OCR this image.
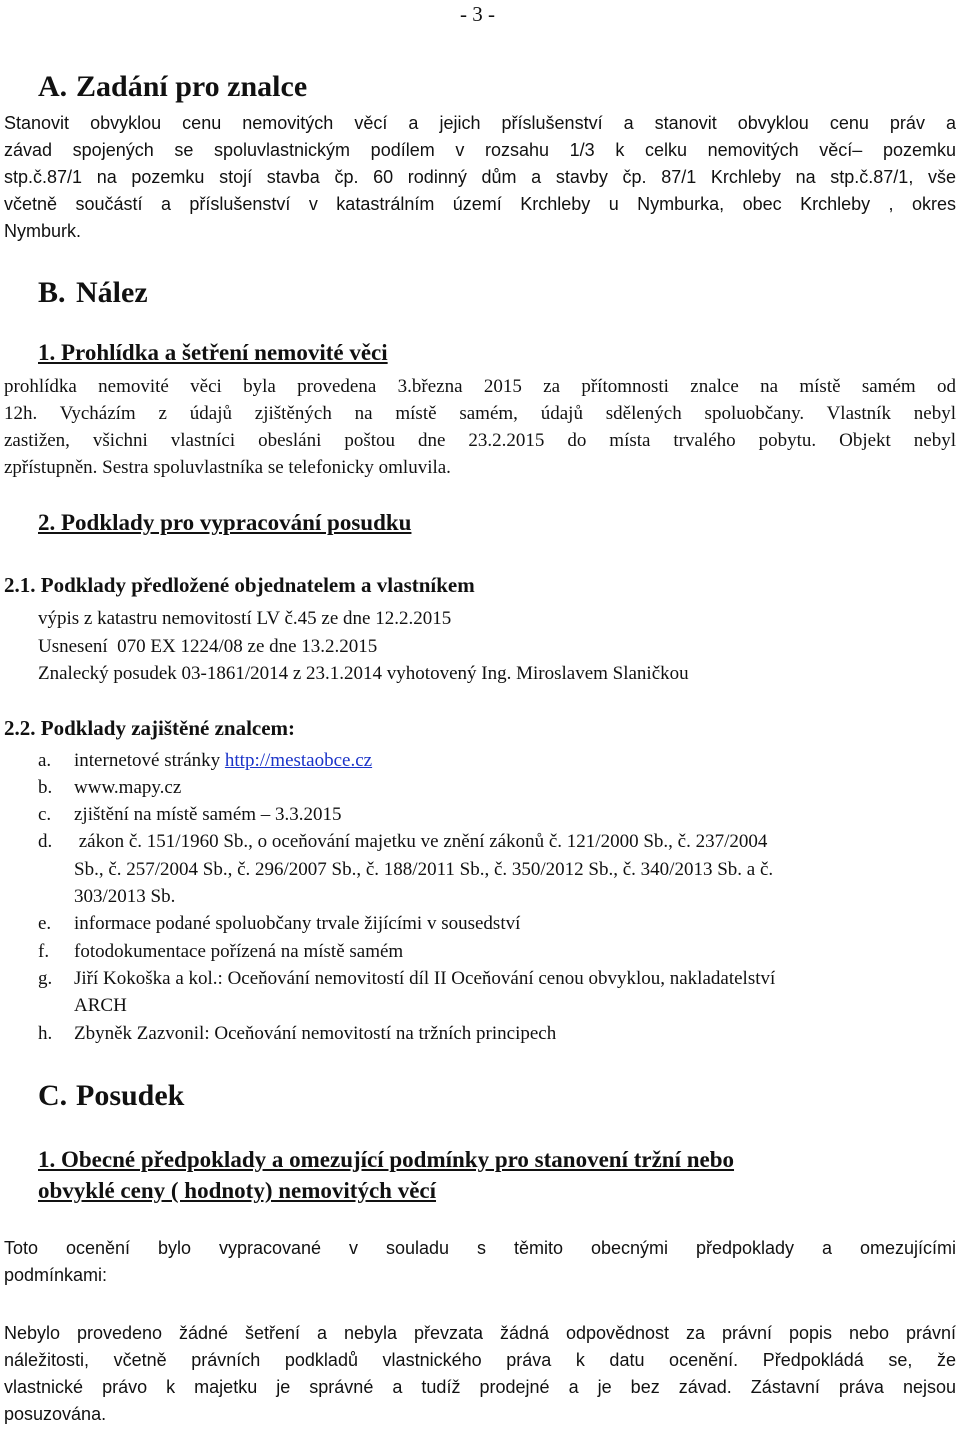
- 3 -
A. Zadání pro znalce
Stanovit obvyklou cenu nemovitých věcí a jejich příslušenství a stanovit obvyklou cenu práv a
závad spojených se spoluvlastnickým podílem v rozsahu 1/3 k celku nemovitých věcí– pozemku
stp.č.87/1 na pozemku stojí stavba čp. 60 rodinný dům a stavby čp. 87/1 Krchleby na stp.č.87/1, vše
včetně součástí a příslušenství v katastrálním území Krchleby u Nymburka, obec Krchleby , okres
Nymburk.
B. Nález
1. Prohlídka a šetření nemovité věci
prohlídka nemovité věci byla provedena 3.března 2015 za přítomnosti znalce na místě samém od
12h. Vycházím z údajů zjištěných na místě samém, údajů sdělených spoluobčany. Vlastník nebyl
zastižen, všichni vlastníci obesláni poštou dne 23.2.2015 do místa trvalého pobytu. Objekt nebyl
zpřístupněn. Sestra spoluvlastníka se telefonicky omluvila.
2. Podklady pro vypracování posudku
2.1. Podklady předložené objednatelem a vlastníkem
výpis z katastru nemovitostí LV č.45 ze dne 12.2.2015
Usnesení  070 EX 1224/08 ze dne 13.2.2015
Znalecký posudek 03-1861/2014 z 23.1.2014 vyhotovený Ing. Miroslavem Slaničkou
2.2. Podklady zajištěné znalcem:
a. internetové stránky http://mestaobce.cz
b. www.mapy.cz
c. zjištění na místě samém – 3.3.2015
d. zákon č. 151/1960 Sb., o oceňování majetku ve znění zákonů č. 121/2000 Sb., č. 237/2004
Sb., č. 257/2004 Sb., č. 296/2007 Sb., č. 188/2011 Sb., č. 350/2012 Sb., č. 340/2013 Sb. a č.
303/2013 Sb.
e. informace podané spoluobčany trvale žijícími v sousedství
f. fotodokumentace pořízená na místě samém
g. Jiří Kokoška a kol.: Oceňování nemovitostí díl II Oceňování cenou obvyklou, nakladatelství
ARCH
h. Zbyněk Zazvonil: Oceňování nemovitostí na tržních principech
C. Posudek
1. Obecné předpoklady a omezující podmínky pro stanovení tržní nebo
obvyklé ceny ( hodnoty) nemovitých věcí
Toto ocenění bylo vypracované v souladu s těmito obecnými předpoklady a omezujícími
podmínkami:
Nebylo provedeno žádné šetření a nebyla převzata žádná odpovědnost za právní popis nebo právní
náležitosti, včetně právních podkladů vlastnického práva k datu ocenění. Předpokládá se, že
vlastnické právo k majetku je správné a tudíž prodejné a je bez závad. Zástavní práva nejsou
posuzována.
